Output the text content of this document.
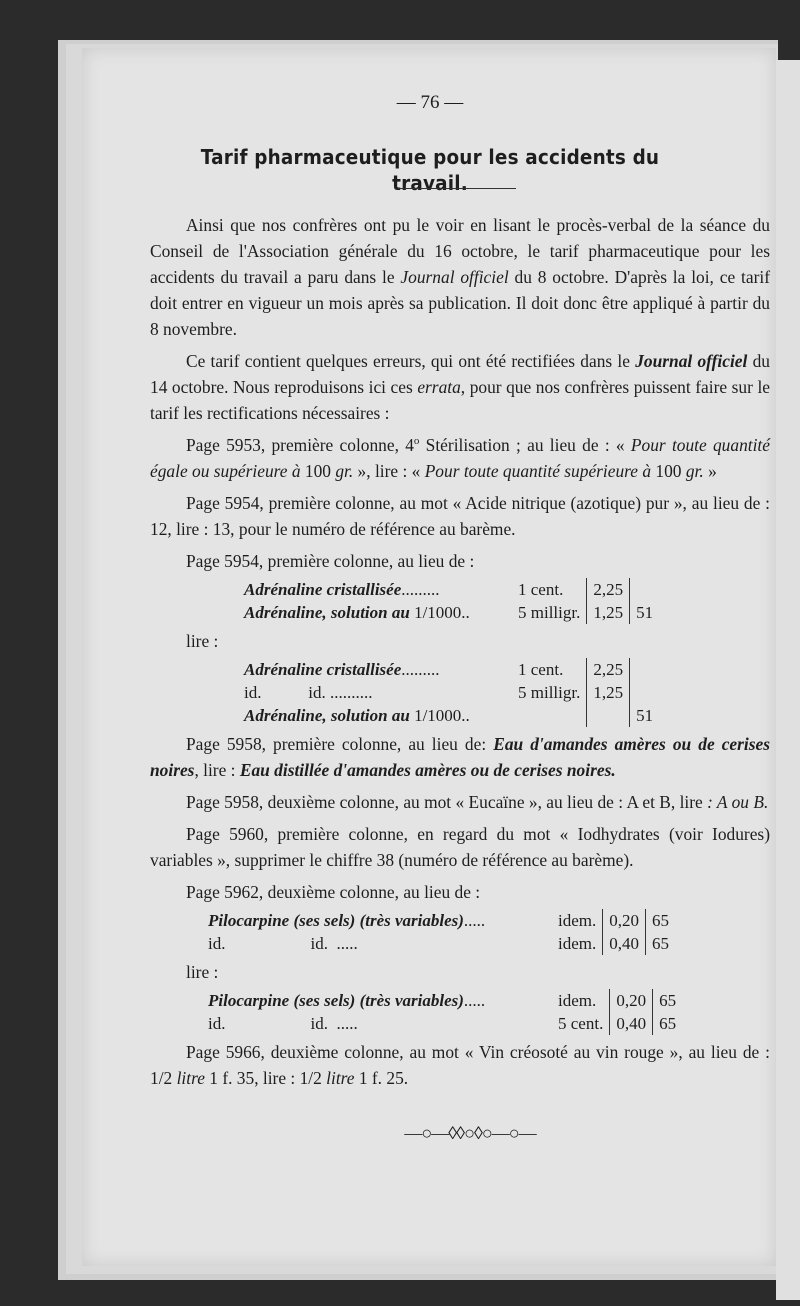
— 76 —
Tarif pharmaceutique pour les accidents du travail.

Ainsi que nos confrères ont pu le voir en lisant le procès-verbal de la séance du Conseil de l'Association générale du 16 octobre, le tarif pharmaceutique pour les accidents du travail a paru dans le Journal officiel du 8 octobre. D'après la loi, ce tarif doit entrer en vigueur un mois après sa publication. Il doit donc être appliqué à partir du 8 novembre.

Ce tarif contient quelques erreurs, qui ont été rectifiées dans le Journal officiel du 14 octobre. Nous reproduisons ici ces errata, pour que nos confrères puissent faire sur le tarif les rectifications nécessaires :

Page 5953, première colonne, 4$^o$ Stérilisation ; au lieu de : « Pour toute quantité égale ou supérieure à 100 gr. », lire : « Pour toute quantité supérieure à 100 gr. »

Page 5954, première colonne, au mot « Acide nitrique (azotique) pur », au lieu de : 12, lire : 13, pour le numéro de référence au barème.

Page 5954, première colonne, au lieu de :

Adrénaline cristallisée.........	1 cent.	2,25	
Adrénaline, solution au 1/1000..	5 milligr.	1,25	51
lire :
Adrénaline cristallisée.........	1 cent.	2,25	
id.           id. ..........	5 milligr.	1,25	
Adrénaline, solution au 1/1000..			51

Page 5958, première colonne, au lieu de: Eau d'amandes amères ou de cerises noires, lire : Eau distillée d'amandes amères ou de cerises noires.

Page 5958, deuxième colonne, au mot « Eucaïne », au lieu de : A et B, lire : A ou B.

Page 5960, première colonne, en regard du mot « Iodhydrates (voir Iodures) variables », supprimer le chiffre 38 (numéro de référence au barème).

Page 5962, deuxième colonne, au lieu de :

Pilocarpine (ses sels) (très variables).....	idem.	0,20	65
id.                    id.  .....	idem.	0,40	65
lire :
Pilocarpine (ses sels) (très variables).....	idem.	0,20	65
id.                    id.  .....	5 cent.	0,40	65

Page 5966, deuxième colonne, au mot « Vin créosoté au vin rouge », au lieu de : 1/2 litre 1 f. 35, lire : 1/2 litre 1 f. 25.

—○—◊◊○◊○—○—
